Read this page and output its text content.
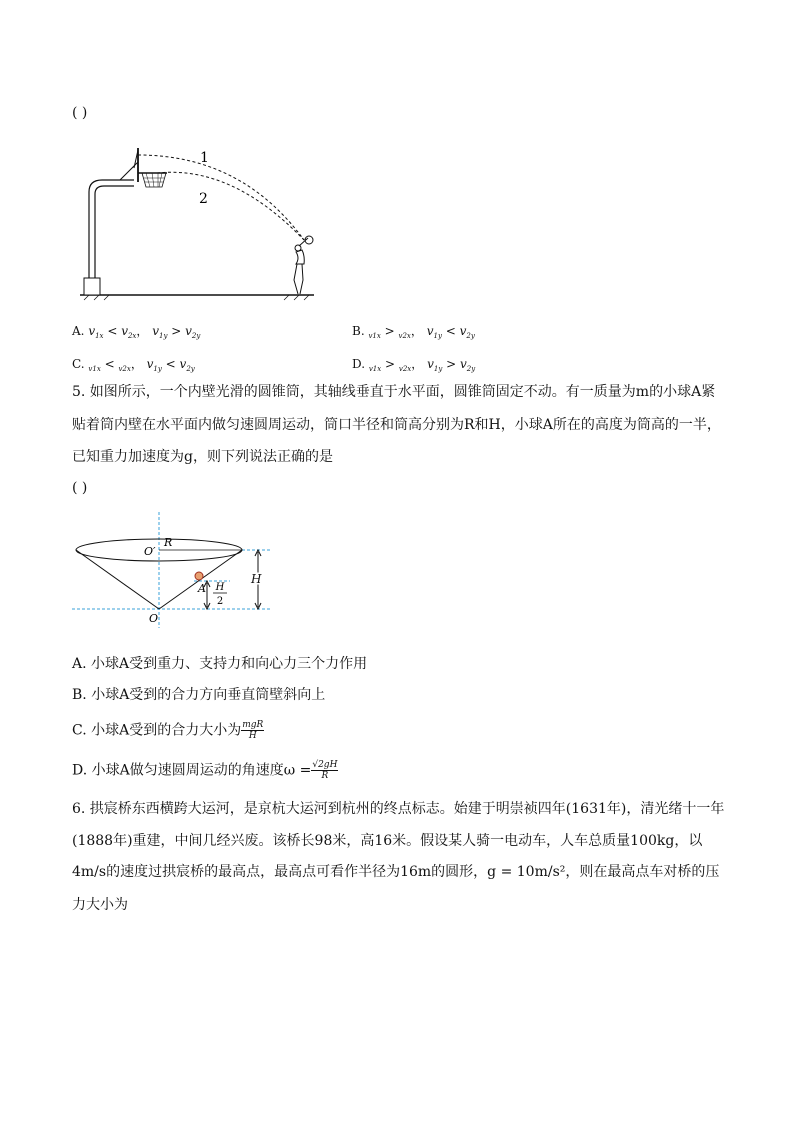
( )
1
2
A. $v_{1x} < v_{2x}$， $v_{1y} > v_{2y}$	B. $_{v1x}$ > $_{v2x}$， $v_{1y} < v_{2y}$
C. $_{v1x}$ < $_{v2x}$， $v_{1y} < v_{2y}$	D. $_{v1x}$ > $_{v2x}$， $v_{1y} > v_{2y}$
5. 如图所示，一个内壁光滑的圆锥筒，其轴线垂直于水平面，圆锥筒固定不动。有一质量为m的小球A紧
贴着筒内壁在水平面内做匀速圆周运动，筒口半径和筒高分别为R和H，小球A所在的高度为筒高的一半，
已知重力加速度为g，则下列说法正确的是
( )
O′
R
A
O
H
H
2
A. 小球A受到重力、支持力和向心力三个力作用
B. 小球A受到的合力方向垂直筒壁斜向上
C. 小球A受到的合力大小为 $\frac{\text{mgR}}{H}$
D. 小球A做匀速圆周运动的角速度$\omega = \frac{√2gH}{R}$
6. 拱宸桥东西横跨大运河，是京杭大运河到杭州的终点标志。始建于明崇祯四年(1631年)，清光绪十一年
(1888年)重建，中间几经兴废。该桥长98米，高16米。假设某人骑一电动车，人车总质量100kg，以
4m/s的速度过拱宸桥的最高点，最高点可看作半径为16m的圆形，g = 10m/s²，则在最高点车对桥的压
力大小为
